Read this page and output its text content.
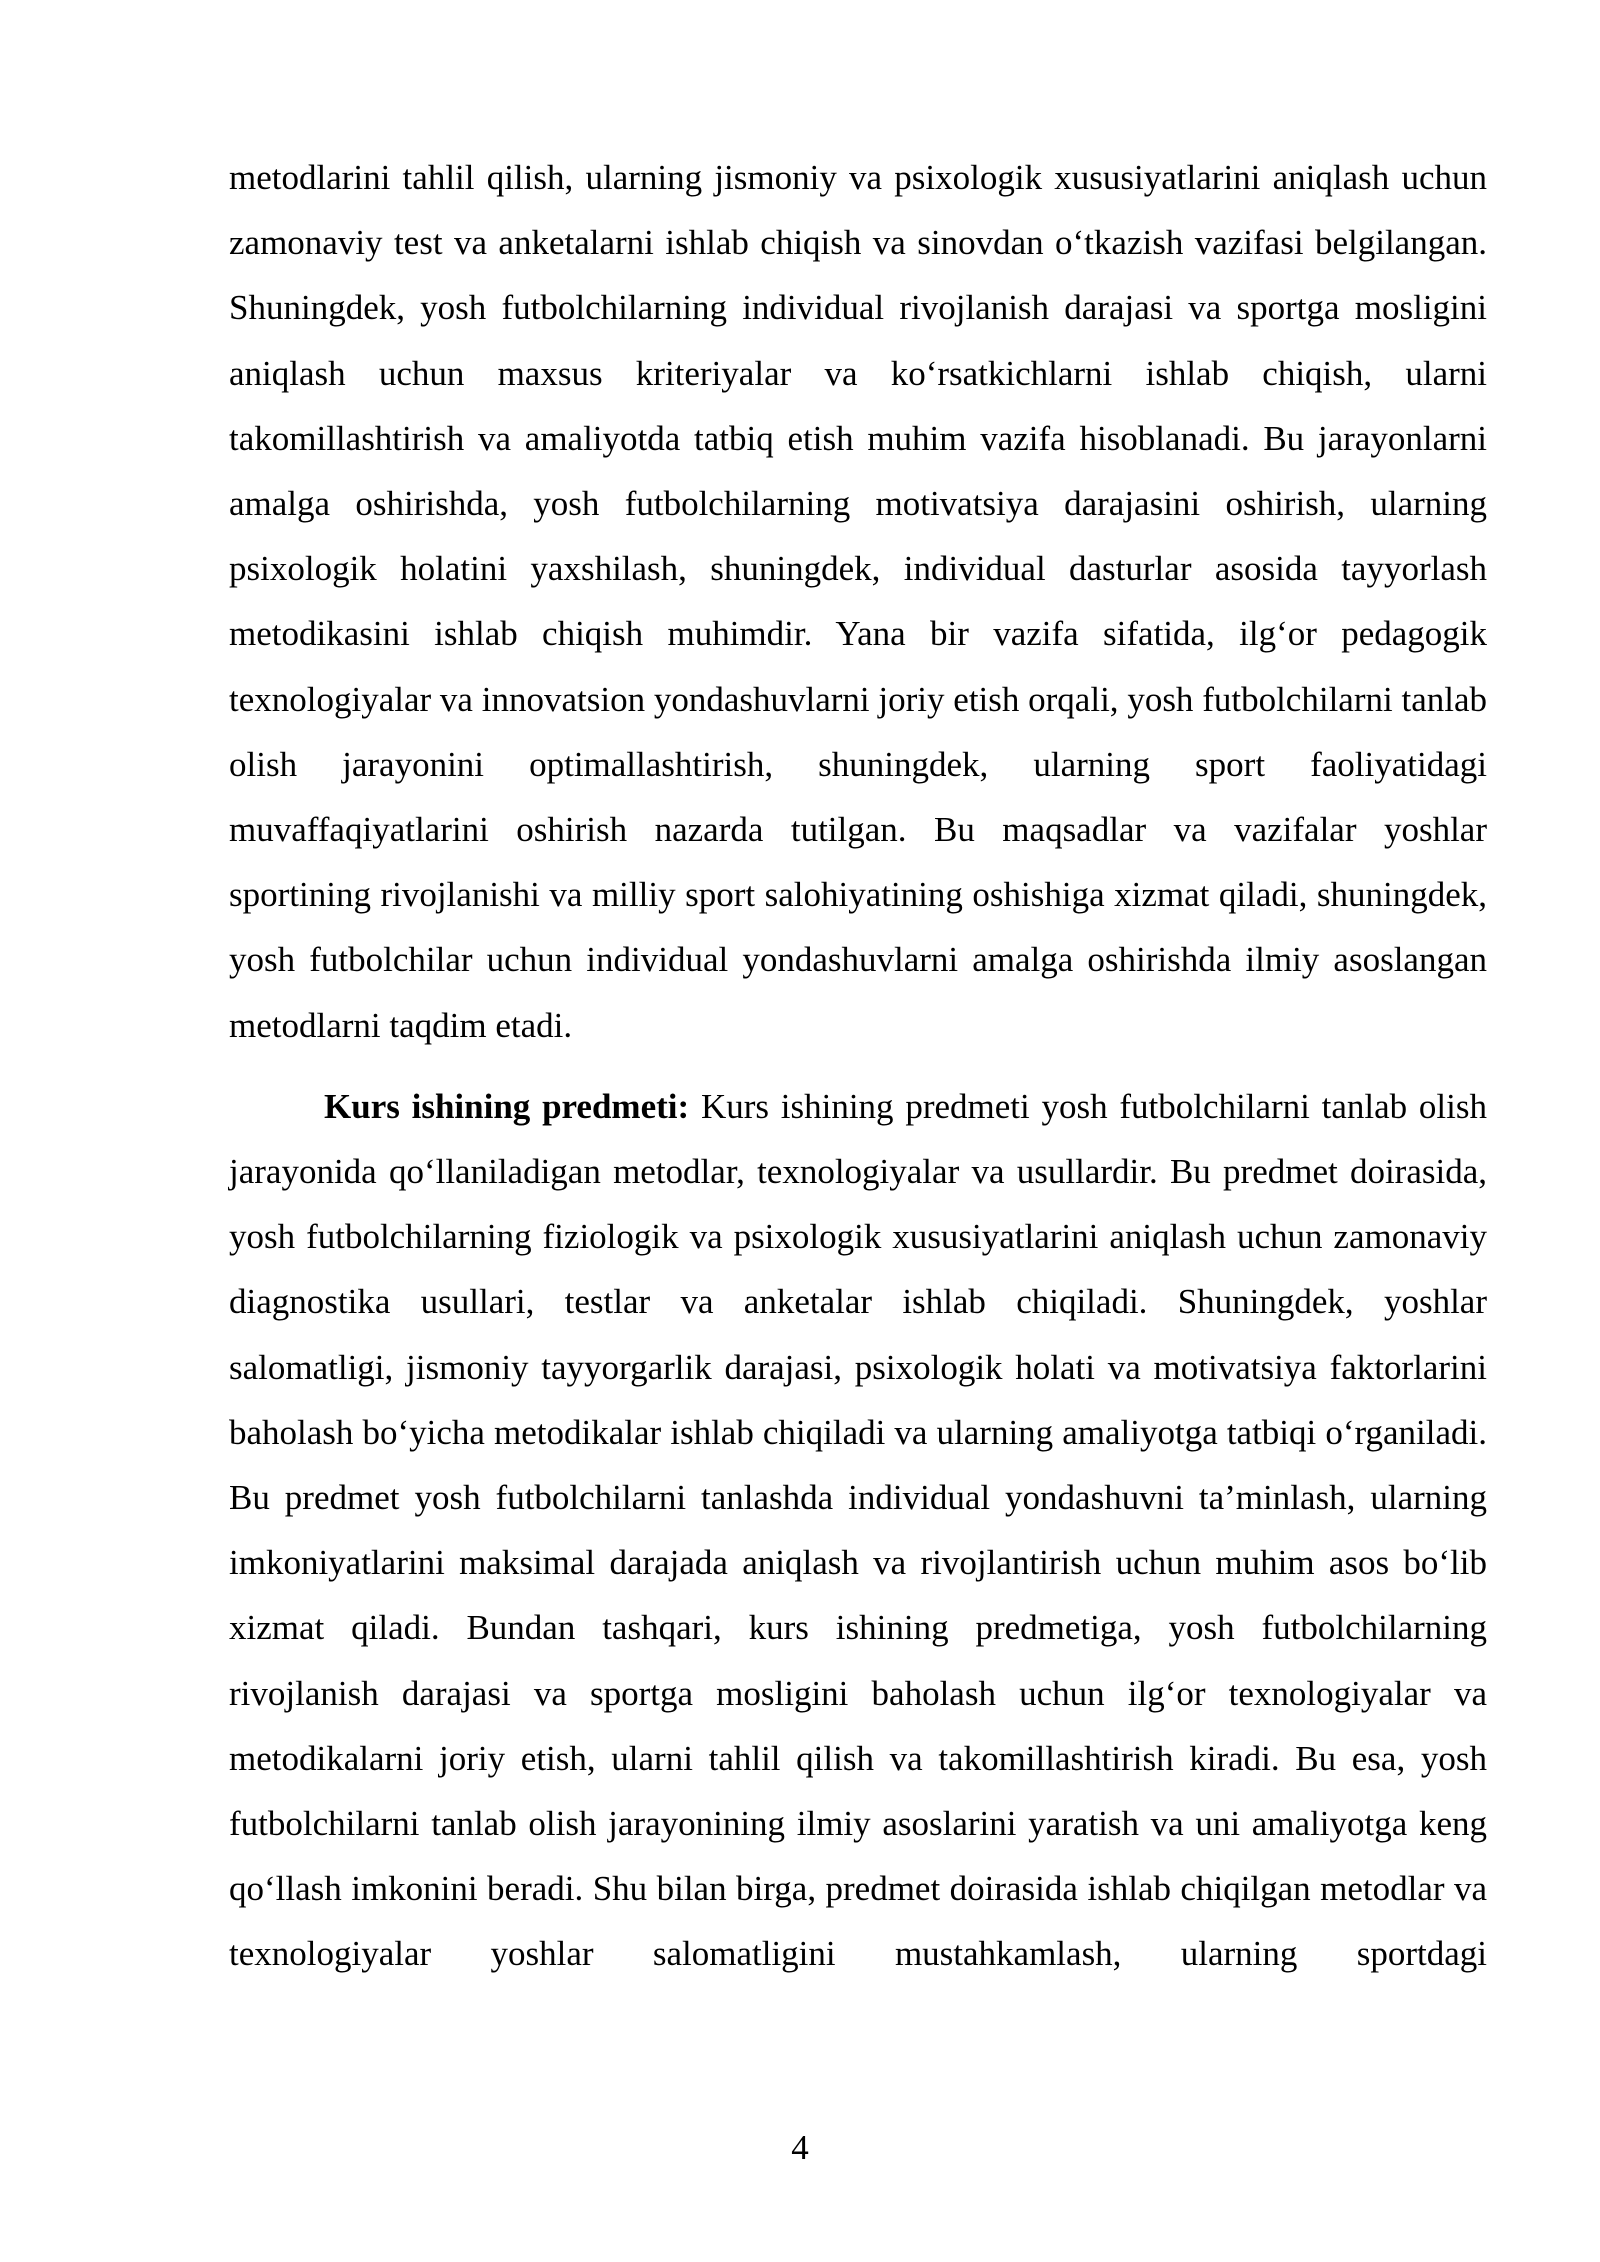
metodlarini tahlil qilish, ularning jismoniy va psixologik xususiyatlarini aniqlash uchun zamonaviy test va anketalarni ishlab chiqish va sinovdan o‘tkazish vazifasi belgilangan. Shuningdek, yosh futbolchilarning individual rivojlanish darajasi va sportga mosligini aniqlash uchun maxsus kriteriyalar va ko‘rsatkichlarni ishlab chiqish, ularni takomillashtirish va amaliyotda tatbiq etish muhim vazifa hisoblanadi. Bu jarayonlarni amalga oshirishda, yosh futbolchilarning motivatsiya darajasini oshirish, ularning psixologik holatini yaxshilash, shuningdek, individual dasturlar asosida tayyorlash metodikasini ishlab chiqish muhimdir. Yana bir vazifa sifatida, ilg‘or pedagogik texnologiyalar va innovatsion yondashuvlarni joriy etish orqali, yosh futbolchilarni tanlab olish jarayonini optimallashtirish, shuningdek, ularning sport faoliyatidagi muvaffaqiyatlarini oshirish nazarda tutilgan. Bu maqsadlar va vazifalar yoshlar sportining rivojlanishi va milliy sport salohiyatining oshishiga xizmat qiladi, shuningdek, yosh futbolchilar uchun individual yondashuvlarni amalga oshirishda ilmiy asoslangan metodlarni taqdim etadi.

Kurs ishining predmeti: Kurs ishining predmeti yosh futbolchilarni tanlab olish jarayonida qo‘llaniladigan metodlar, texnologiyalar va usullardir. Bu predmet doirasida, yosh futbolchilarning fiziologik va psixologik xususiyatlarini aniqlash uchun zamonaviy diagnostika usullari, testlar va anketalar ishlab chiqiladi. Shuningdek, yoshlar salomatligi, jismoniy tayyorgarlik darajasi, psixologik holati va motivatsiya faktorlarini baholash bo‘yicha metodikalar ishlab chiqiladi va ularning amaliyotga tatbiqi o‘rganiladi. Bu predmet yosh futbolchilarni tanlashda individual yondashuvni ta’minlash, ularning imkoniyatlarini maksimal darajada aniqlash va rivojlantirish uchun muhim asos bo‘lib xizmat qiladi. Bundan tashqari, kurs ishining predmetiga, yosh futbolchilarning rivojlanish darajasi va sportga mosligini baholash uchun ilg‘or texnologiyalar va metodikalarni joriy etish, ularni tahlil qilish va takomillashtirish kiradi. Bu esa, yosh futbolchilarni tanlab olish jarayonining ilmiy asoslarini yaratish va uni amaliyotga keng qo‘llash imkonini beradi. Shu bilan birga, predmet doirasida ishlab chiqilgan metodlar va texnologiyalar yoshlar salomatligini mustahkamlash, ularning sportdagi

4
